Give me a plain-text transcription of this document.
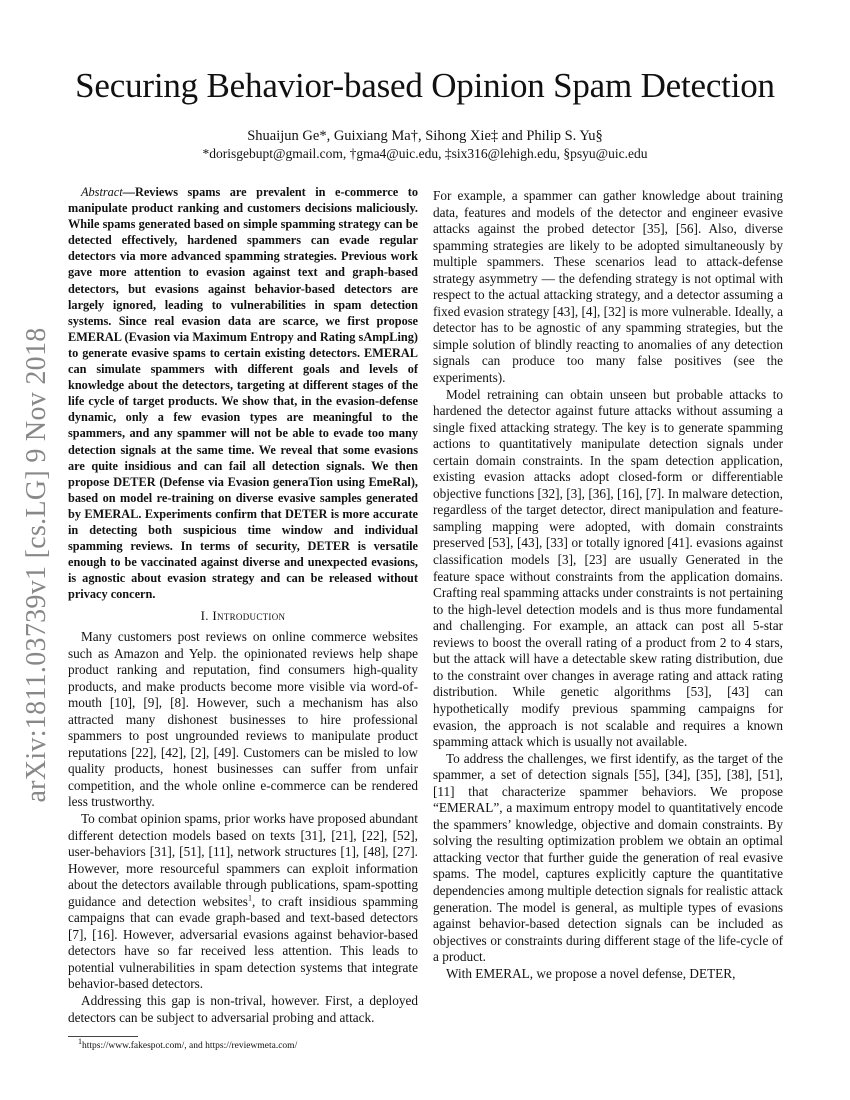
arXiv:1811.03739v1 [cs.LG] 9 Nov 2018
Securing Behavior-based Opinion Spam Detection
Shuaijun Ge*, Guixiang Ma†, Sihong Xie‡ and Philip S. Yu§
*dorisgebupt@gmail.com, †gma4@uic.edu, ‡six316@lehigh.edu, §psyu@uic.edu

Abstract—Reviews spams are prevalent in e-commerce to manipulate product ranking and customers decisions maliciously. While spams generated based on simple spamming strategy can be detected effectively, hardened spammers can evade regular detectors via more advanced spamming strategies. Previous work gave more attention to evasion against text and graph-based detectors, but evasions against behavior-based detectors are largely ignored, leading to vulnerabilities in spam detection systems. Since real evasion data are scarce, we first propose EMERAL (Evasion via Maximum Entropy and Rating sAmpLing) to generate evasive spams to certain existing detectors. EMERAL can simulate spammers with different goals and levels of knowledge about the detectors, targeting at different stages of the life cycle of target products. We show that, in the evasion-defense dynamic, only a few evasion types are meaningful to the spammers, and any spammer will not be able to evade too many detection signals at the same time. We reveal that some evasions are quite insidious and can fail all detection signals. We then propose DETER (Defense via Evasion generaTion using EmeRal), based on model re-training on diverse evasive samples generated by EMERAL. Experiments confirm that DETER is more accurate in detecting both suspicious time window and individual spamming reviews. In terms of security, DETER is versatile enough to be vaccinated against diverse and unexpected evasions, is agnostic about evasion strategy and can be released without privacy concern.

I. Introduction

Many customers post reviews on online commerce websites such as Amazon and Yelp. the opinionated reviews help shape product ranking and reputation, find consumers high-quality products, and make products become more visible via word-of-mouth [10], [9], [8]. However, such a mechanism has also attracted many dishonest businesses to hire professional spammers to post ungrounded reviews to manipulate product reputations [22], [42], [2], [49]. Customers can be misled to low quality products, honest businesses can suffer from unfair competition, and the whole online e-commerce can be rendered less trustworthy.

To combat opinion spams, prior works have proposed abundant different detection models based on texts [31], [21], [22], [52], user-behaviors [31], [51], [11], network structures [1], [48], [27]. However, more resourceful spammers can exploit information about the detectors available through publications, spam-spotting guidance and detection websites$^1$, to craft insidious spamming campaigns that can evade graph-based and text-based detectors [7], [16]. However, adversarial evasions against behavior-based detectors have so far received less attention. This leads to potential vulnerabilities in spam detection systems that integrate behavior-based detectors.

Addressing this gap is non-trival, however. First, a deployed detectors can be subject to adversarial probing and attack.

$^1$https://www.fakespot.com/, and https://reviewmeta.com/

For example, a spammer can gather knowledge about training data, features and models of the detector and engineer evasive attacks against the probed detector [35], [56]. Also, diverse spamming strategies are likely to be adopted simultaneously by multiple spammers. These scenarios lead to attack-defense strategy asymmetry — the defending strategy is not optimal with respect to the actual attacking strategy, and a detector assuming a fixed evasion strategy [43], [4], [32] is more vulnerable. Ideally, a detector has to be agnostic of any spamming strategies, but the simple solution of blindly reacting to anomalies of any detection signals can produce too many false positives (see the experiments).

Model retraining can obtain unseen but probable attacks to hardened the detector against future attacks without assuming a single fixed attacking strategy. The key is to generate spamming actions to quantitatively manipulate detection signals under certain domain constraints. In the spam detection application, existing evasion attacks adopt closed-form or differentiable objective functions [32], [3], [36], [16], [7]. In malware detection, regardless of the target detector, direct manipulation and feature-sampling mapping were adopted, with domain constraints preserved [53], [43], [33] or totally ignored [41]. evasions against classification models [3], [23] are usually Generated in the feature space without constraints from the application domains. Crafting real spamming attacks under constraints is not pertaining to the high-level detection models and is thus more fundamental and challenging. For example, an attack can post all 5-star reviews to boost the overall rating of a product from 2 to 4 stars, but the attack will have a detectable skew rating distribution, due to the constraint over changes in average rating and attack rating distribution. While genetic algorithms [53], [43] can hypothetically modify previous spamming campaigns for evasion, the approach is not scalable and requires a known spamming attack which is usually not available.

To address the challenges, we first identify, as the target of the spammer, a set of detection signals [55], [34], [35], [38], [51], [11] that characterize spammer behaviors. We propose “EMERAL”, a maximum entropy model to quantitatively encode the spammers’ knowledge, objective and domain constraints. By solving the resulting optimization problem we obtain an optimal attacking vector that further guide the generation of real evasive spams. The model, captures explicitly capture the quantitative dependencies among multiple detection signals for realistic attack generation. The model is general, as multiple types of evasions against behavior-based detection signals can be included as objectives or constraints during different stage of the life-cycle of a product.

With EMERAL, we propose a novel defense, DETER,
